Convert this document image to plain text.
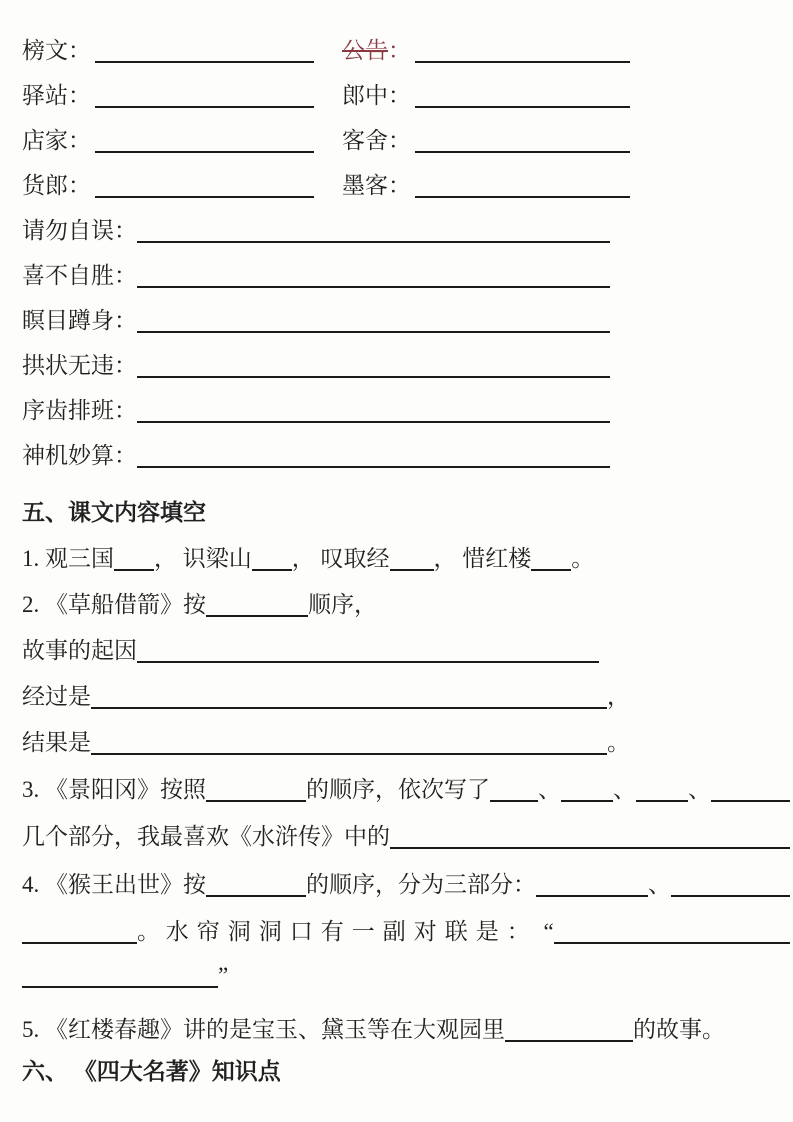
榜文 ：	公告 ：
驿站 ：	郎中 ：
店家 ：	客舍 ：
货郎 ：	墨客 ：
请勿自误：
喜不自胜：
瞑目蹲身：
拱状无违：
序齿排班：
神机妙算：
五、课文内容填空
1. 观三国 ， 识梁山 ， 叹取经 ， 惜红楼 。
2. 《草船借箭》按	顺序，
故事的起因
经过是	，
结果是	。
3. 《景阳冈》按照	的顺序，依次写了 、 、 、
几个部分，我最喜欢《水浒传》中的
4. 《猴王出世》按	的顺序，分为三部分：	、
。 水帘洞洞口有一副对联是： “
”
5. 《红楼春趣》讲的是宝玉、黛玉等在大观园里	的故事。
六、 《四大名著》知识点
